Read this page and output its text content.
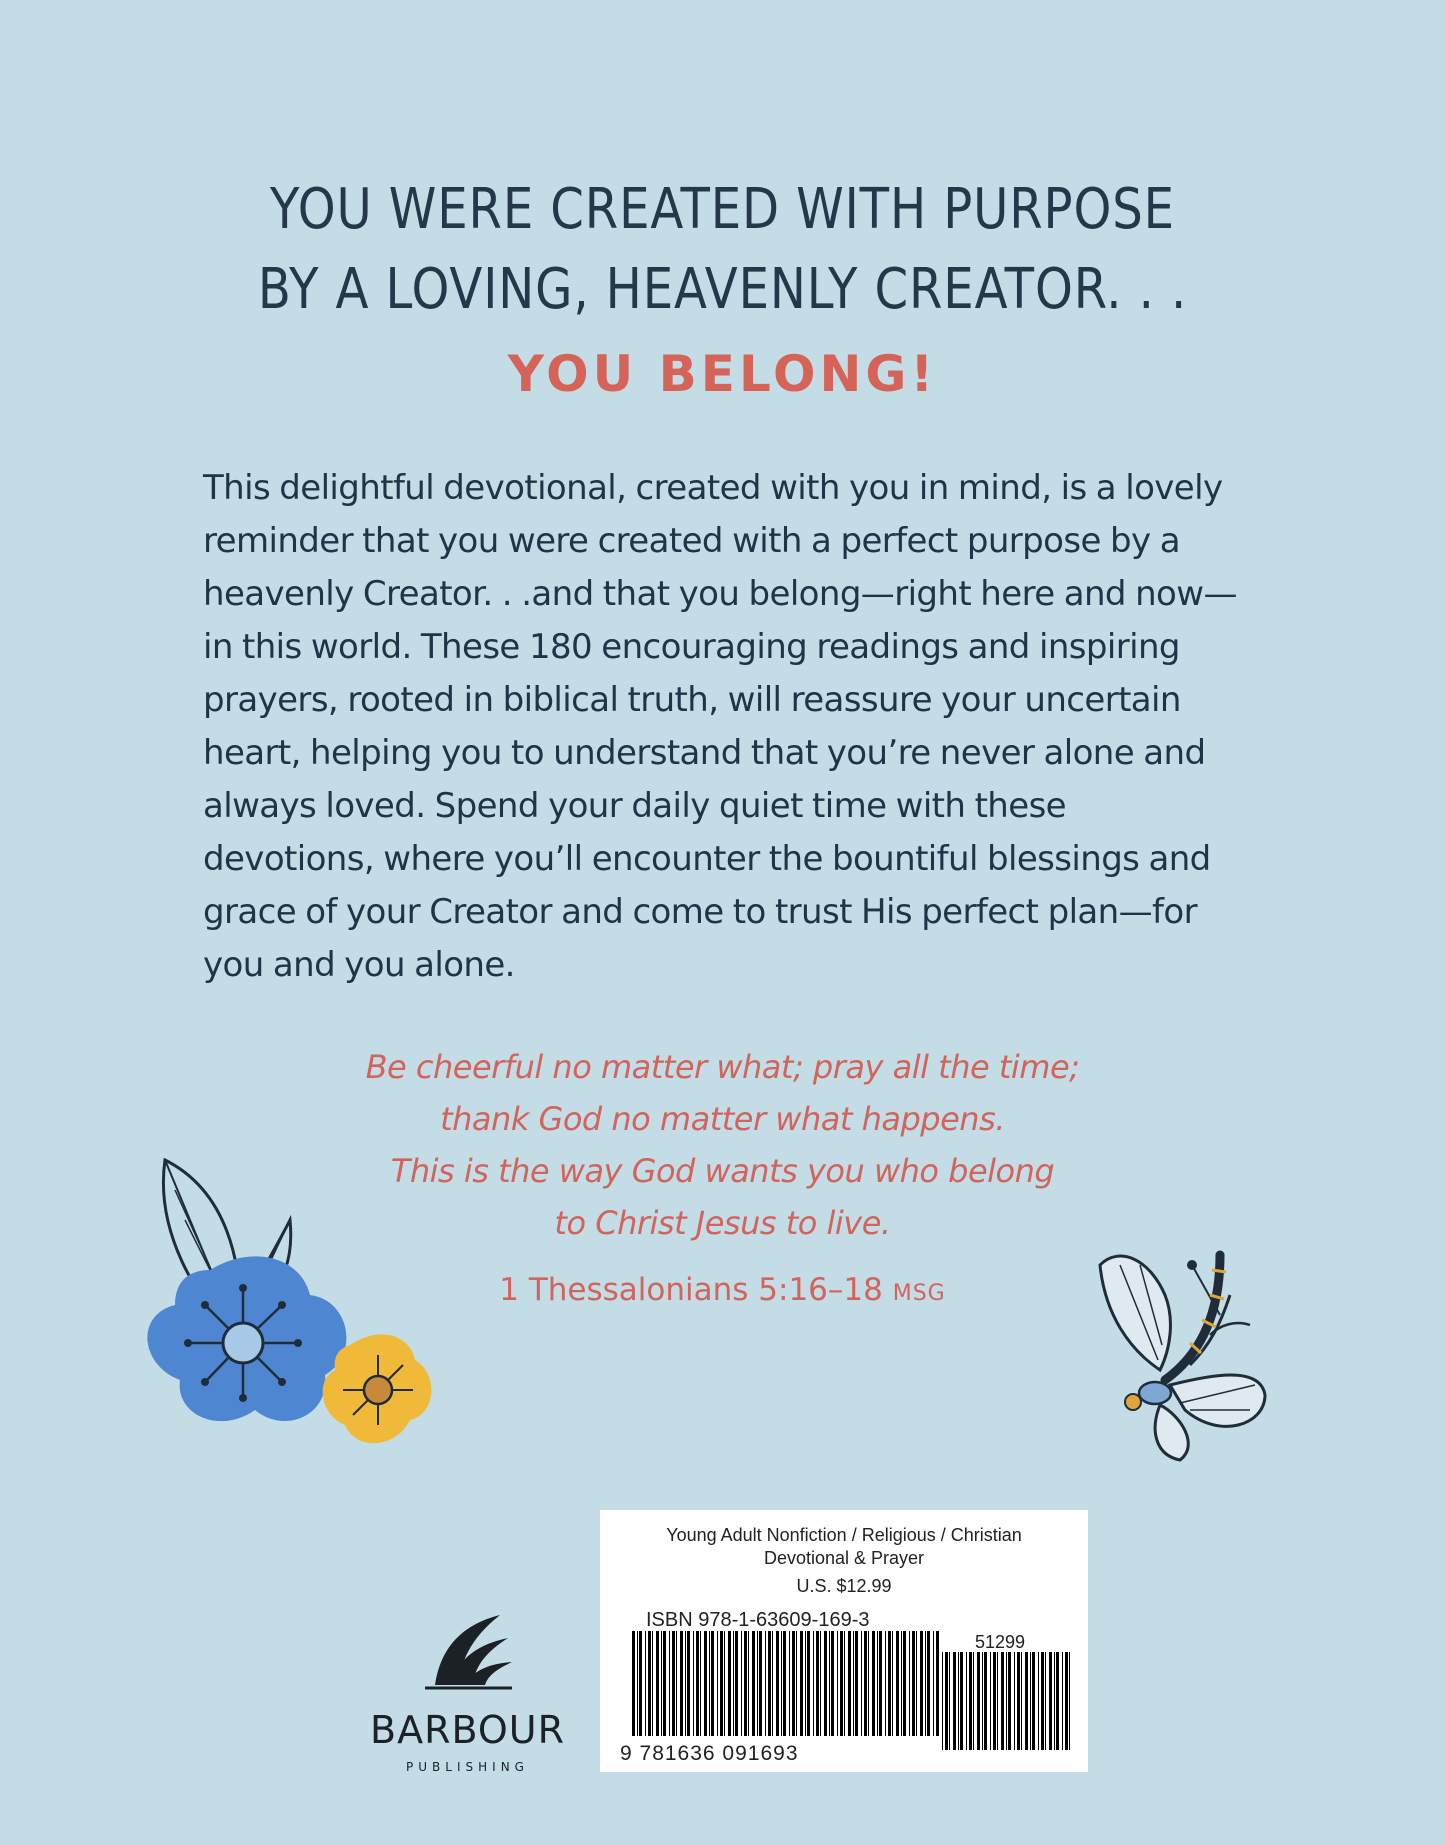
YOU WERE CREATED WITH PURPOSE
BY A LOVING, HEAVENLY CREATOR. . .
YOU BELONG!
This delightful devotional, created with you in mind, is a lovely reminder that you were created with a perfect purpose by a heavenly Creator. . .and that you belong—right here and now—in this world. These 180 encouraging readings and inspiring prayers, rooted in biblical truth, will reassure your uncertain heart, helping you to understand that you’re never alone and always loved. Spend your daily quiet time with these devotions, where you’ll encounter the bountiful blessings and grace of your Creator and come to trust His perfect plan—for you and you alone.
Be cheerful no matter what; pray all the time;
thank God no matter what happens.
This is the way God wants you who belong
to Christ Jesus to live.
1 Thessalonians 5:16–18 MSG
BARBOUR
PUBLISHING
Young Adult Nonfiction / Religious / Christian
Devotional & Prayer
U.S. $12.99
ISBN 978-1-63609-169-3
51299
9 781636 091693
